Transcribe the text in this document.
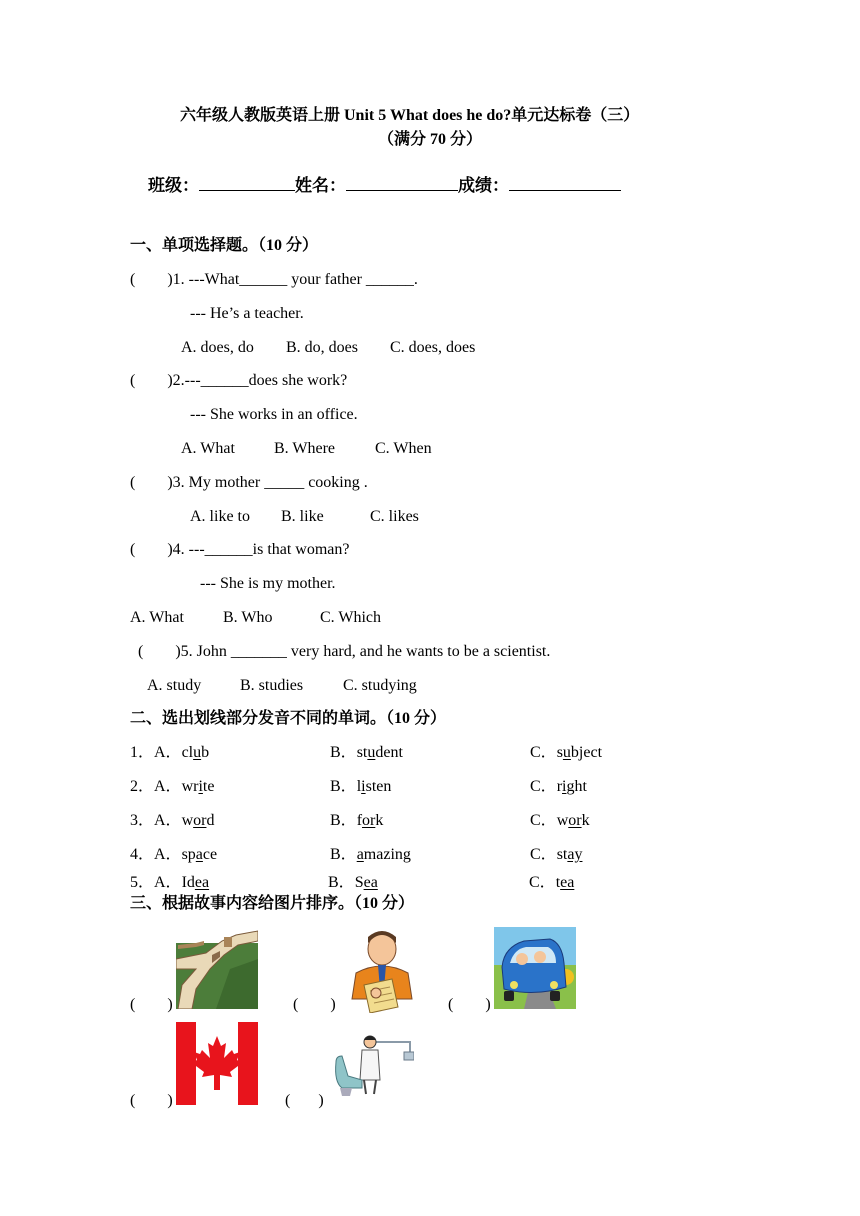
六年级人教版英语上册 Unit 5 What does he do?单元达标卷（三）
（满分 70 分）
班级：	姓名：	成绩：
一、单项选择题。（10 分）
(        )1. ---What______ your father ______.
--- He’s a teacher.
A. does, do B. do, does C. does, does
(        )2.---______does she work?
--- She works in an office.
A. What B. Where C. When
(        )3. My mother _____ cooking .
A. like to B. like	C. likes
(        )4. ---______is that woman?
--- She is my mother.
A. What B. Who	C. Which
(        )5. John _______ very hard, and he wants to be a scientist.
A. study B. studies C. studying
二、选出划线部分发音不同的单词。（10 分）
1．A．club	B．student	C．subject
2．A．write	B．listen	C．right
3．A．word	B．fork	C．work
4．A．space	B．amazing	C．stay
5．A．Idea	B．Sea	C．tea
三、根据故事内容给图片排序。（10 分）
(        )	(        )	(        )
(        )	(       )
